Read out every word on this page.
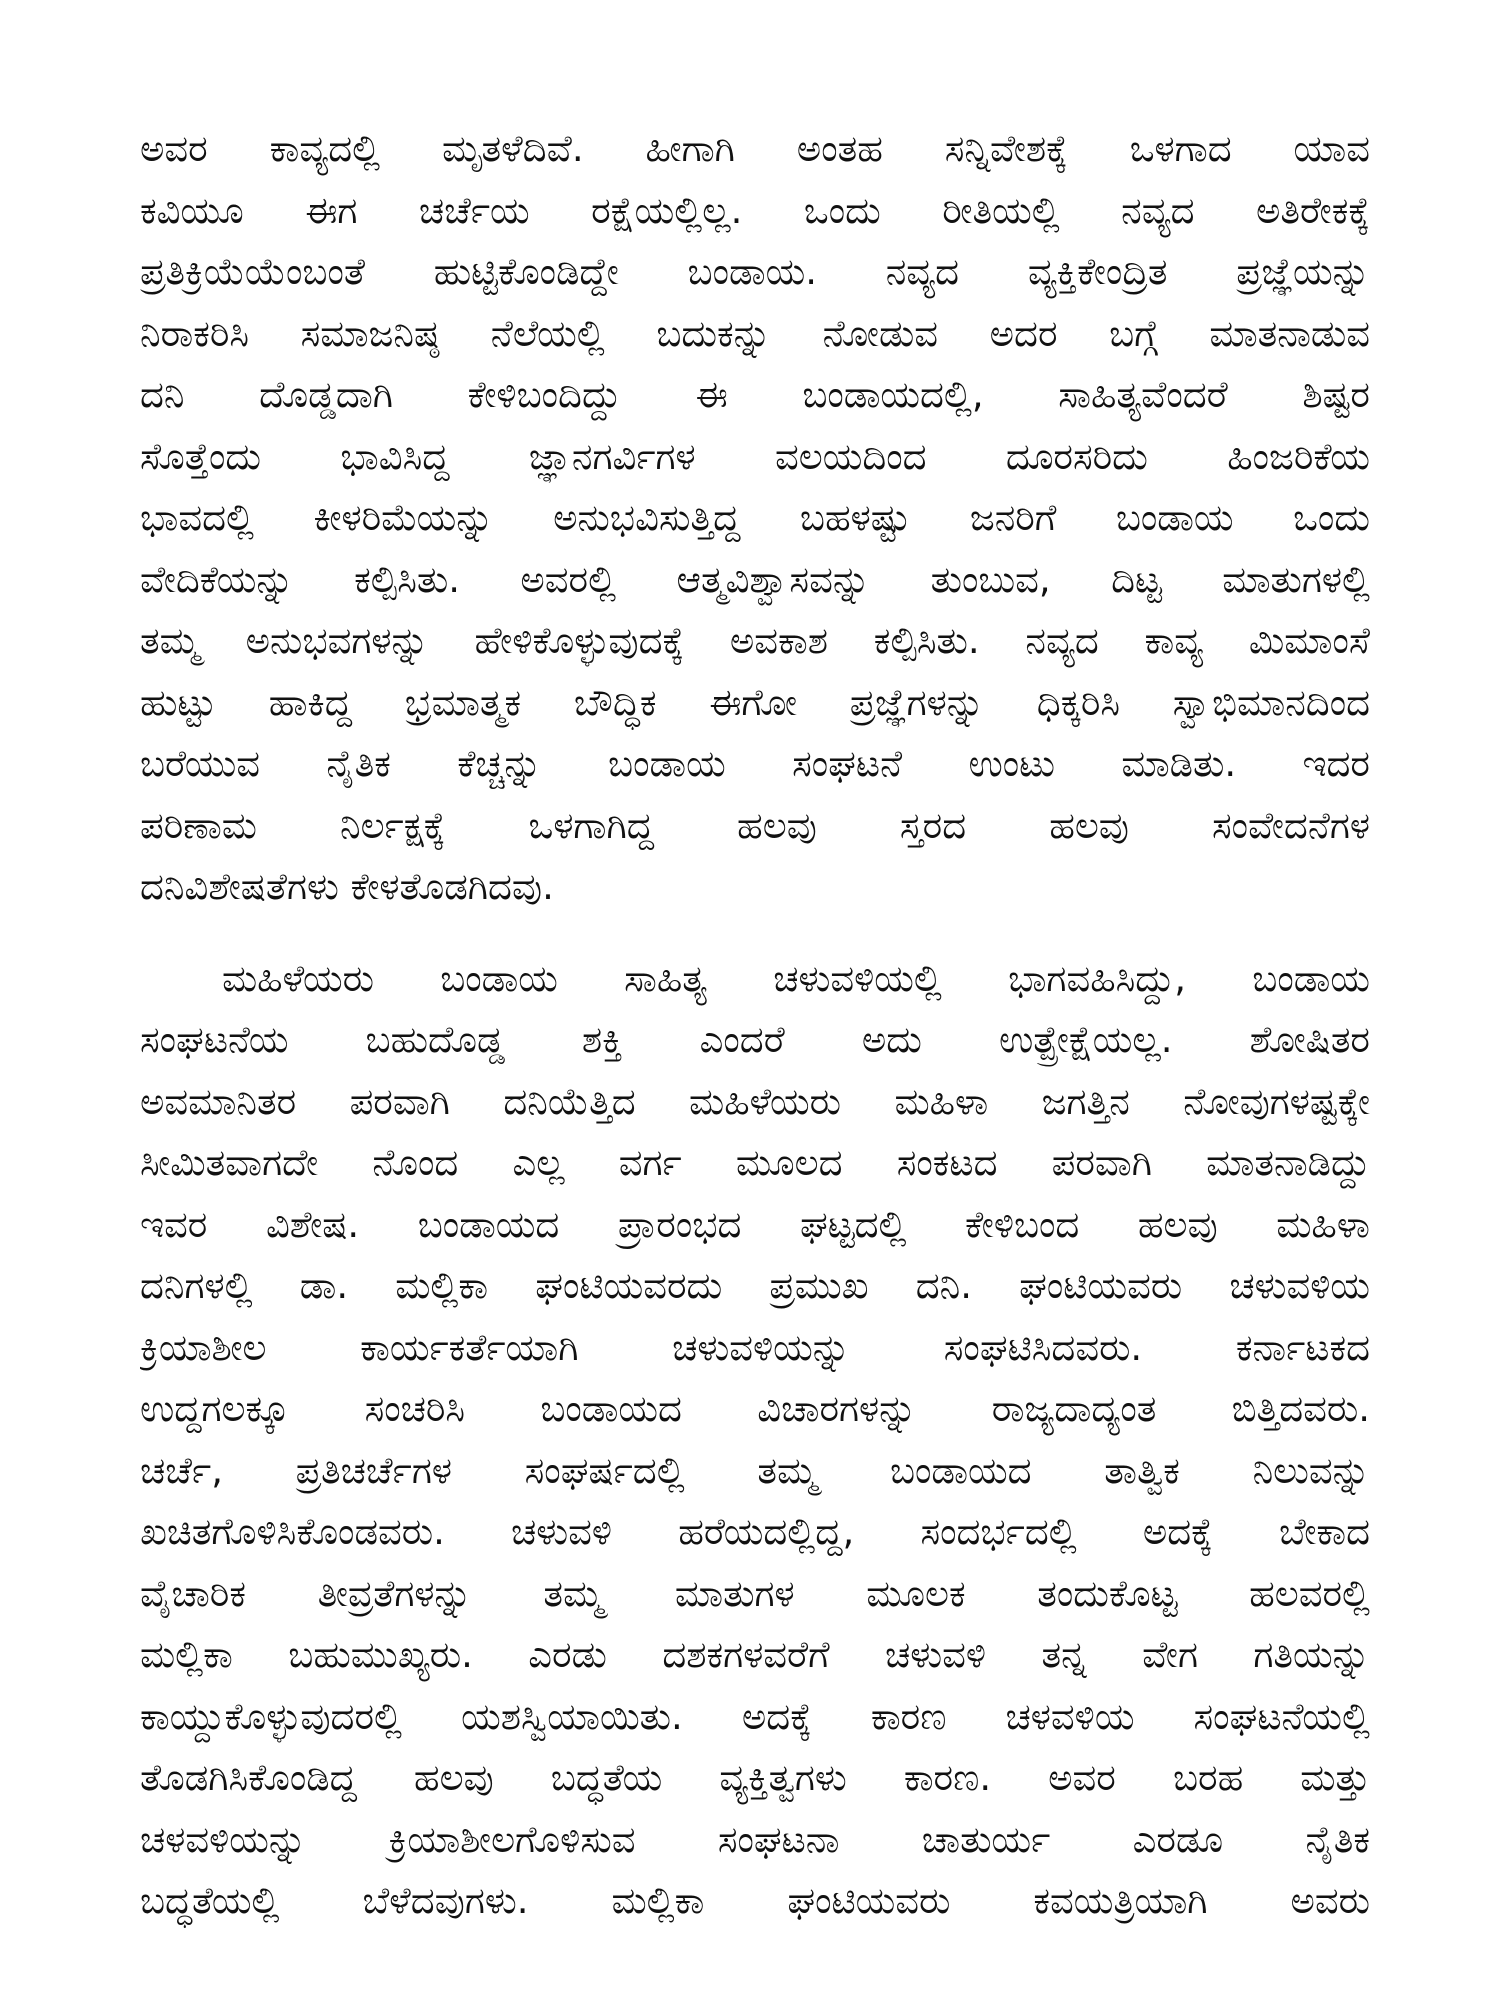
ಅವರ ಕಾವ್ಯದಲ್ಲಿ ಮೃತಳೆದಿವೆ. ಹೀಗಾಗಿ ಅಂತಹ ಸನ್ನಿವೇಶಕ್ಕೆ ಒಳಗಾದ ಯಾವ
ಕವಿಯೂ ಈಗ ಚರ್ಚೆಯ ರಕ್ಷೆಯಲ್ಲಿಲ್ಲ. ಒಂದು ರೀತಿಯಲ್ಲಿ ನವ್ಯದ ಅತಿರೇಕಕ್ಕೆ
ಪ್ರತಿಕ್ರಿಯೆಯೆಂಬಂತೆ ಹುಟ್ಟಿಕೊಂಡಿದ್ದೇ ಬಂಡಾಯ. ನವ್ಯದ ವ್ಯಕ್ತಿಕೇಂದ್ರಿತ ಪ್ರಜ್ಞೆಯನ್ನು
ನಿರಾಕರಿಸಿ ಸಮಾಜನಿಷ್ಠ ನೆಲೆಯಲ್ಲಿ ಬದುಕನ್ನು ನೋಡುವ ಅದರ ಬಗ್ಗೆ ಮಾತನಾಡುವ
ದನಿ ದೊಡ್ಡದಾಗಿ ಕೇಳಿಬಂದಿದ್ದು ಈ ಬಂಡಾಯದಲ್ಲಿ, ಸಾಹಿತ್ಯವೆಂದರೆ ಶಿಷ್ಟರ
ಸೊತ್ತೆಂದು ಭಾವಿಸಿದ್ದ ಜ್ಞಾನಗರ್ವಿಗಳ ವಲಯದಿಂದ ದೂರಸರಿದು ಹಿಂಜರಿಕೆಯ
ಭಾವದಲ್ಲಿ ಕೀಳರಿಮೆಯನ್ನು ಅನುಭವಿಸುತ್ತಿದ್ದ ಬಹಳಷ್ಟು ಜನರಿಗೆ ಬಂಡಾಯ ಒಂದು
ವೇದಿಕೆಯನ್ನು ಕಲ್ಪಿಸಿತು. ಅವರಲ್ಲಿ ಆತ್ಮವಿಶ್ವಾಸವನ್ನು ತುಂಬುವ, ದಿಟ್ಟ ಮಾತುಗಳಲ್ಲಿ
ತಮ್ಮ ಅನುಭವಗಳನ್ನು ಹೇಳಿಕೊಳ್ಳುವುದಕ್ಕೆ ಅವಕಾಶ ಕಲ್ಪಿಸಿತು. ನವ್ಯದ ಕಾವ್ಯ ಮಿಮಾಂಸೆ
ಹುಟ್ಟು ಹಾಕಿದ್ದ ಭ್ರಮಾತ್ಮಕ ಬೌದ್ಧಿಕ ಈಗೋ ಪ್ರಜ್ಞೆಗಳನ್ನು ಧಿಕ್ಕರಿಸಿ ಸ್ವಾಭಿಮಾನದಿಂದ
ಬರೆಯುವ ನೈತಿಕ ಕೆಚ್ಚನ್ನು ಬಂಡಾಯ ಸಂಘಟನೆ ಉಂಟು ಮಾಡಿತು. ಇದರ
ಪರಿಣಾಮ ನಿರ್ಲಕ್ಷಕ್ಕೆ ಒಳಗಾಗಿದ್ದ ಹಲವು ಸ್ತರದ ಹಲವು ಸಂವೇದನೆಗಳ
ದನಿವಿಶೇಷತೆಗಳು ಕೇಳತೊಡಗಿದವು.
ಮಹಿಳೆಯರು ಬಂಡಾಯ ಸಾಹಿತ್ಯ ಚಳುವಳಿಯಲ್ಲಿ ಭಾಗವಹಿಸಿದ್ದು, ಬಂಡಾಯ
ಸಂಘಟನೆಯ ಬಹುದೊಡ್ಡ ಶಕ್ತಿ ಎಂದರೆ ಅದು ಉತ್ಪ್ರೇಕ್ಷೆಯಲ್ಲ. ಶೋಷಿತರ
ಅವಮಾನಿತರ ಪರವಾಗಿ ದನಿಯೆತ್ತಿದ ಮಹಿಳೆಯರು ಮಹಿಳಾ ಜಗತ್ತಿನ ನೋವುಗಳಷ್ಟಕ್ಕೇ
ಸೀಮಿತವಾಗದೇ ನೊಂದ ಎಲ್ಲ ವರ್ಗ ಮೂಲದ ಸಂಕಟದ ಪರವಾಗಿ ಮಾತನಾಡಿದ್ದು
ಇವರ ವಿಶೇಷ. ಬಂಡಾಯದ ಪ್ರಾರಂಭದ ಘಟ್ಟದಲ್ಲಿ ಕೇಳಿಬಂದ ಹಲವು ಮಹಿಳಾ
ದನಿಗಳಲ್ಲಿ ಡಾ. ಮಲ್ಲಿಕಾ ಘಂಟಿಯವರದು ಪ್ರಮುಖ ದನಿ. ಘಂಟಿಯವರು ಚಳುವಳಿಯ
ಕ್ರಿಯಾಶೀಲ ಕಾರ್ಯಕರ್ತೆಯಾಗಿ ಚಳುವಳಿಯನ್ನು ಸಂಘಟಿಸಿದವರು. ಕರ್ನಾಟಕದ
ಉದ್ದಗಲಕ್ಕೂ ಸಂಚರಿಸಿ ಬಂಡಾಯದ ವಿಚಾರಗಳನ್ನು ರಾಜ್ಯದಾದ್ಯಂತ ಬಿತ್ತಿದವರು.
ಚರ್ಚೆ, ಪ್ರತಿಚರ್ಚೆಗಳ ಸಂಘರ್ಷದಲ್ಲಿ ತಮ್ಮ ಬಂಡಾಯದ ತಾತ್ವಿಕ ನಿಲುವನ್ನು
ಖಚಿತಗೊಳಿಸಿಕೊಂಡವರು. ಚಳುವಳಿ ಹರೆಯದಲ್ಲಿದ್ದ, ಸಂದರ್ಭದಲ್ಲಿ ಅದಕ್ಕೆ ಬೇಕಾದ
ವೈಚಾರಿಕ ತೀವ್ರತೆಗಳನ್ನು ತಮ್ಮ ಮಾತುಗಳ ಮೂಲಕ ತಂದುಕೊಟ್ಟ ಹಲವರಲ್ಲಿ
ಮಲ್ಲಿಕಾ ಬಹುಮುಖ್ಯರು. ಎರಡು ದಶಕಗಳವರೆಗೆ ಚಳುವಳಿ ತನ್ನ ವೇಗ ಗತಿಯನ್ನು
ಕಾಯ್ದುಕೊಳ್ಳುವುದರಲ್ಲಿ ಯಶಸ್ವಿಯಾಯಿತು. ಅದಕ್ಕೆ ಕಾರಣ ಚಳವಳಿಯ ಸಂಘಟನೆಯಲ್ಲಿ
ತೊಡಗಿಸಿಕೊಂಡಿದ್ದ ಹಲವು ಬದ್ಧತೆಯ ವ್ಯಕ್ತಿತ್ವಗಳು ಕಾರಣ. ಅವರ ಬರಹ ಮತ್ತು
ಚಳವಳಿಯನ್ನು ಕ್ರಿಯಾಶೀಲಗೊಳಿಸುವ ಸಂಘಟನಾ ಚಾತುರ್ಯ ಎರಡೂ ನೈತಿಕ
ಬದ್ಧತೆಯಲ್ಲಿ ಬೆಳೆದವುಗಳು. ಮಲ್ಲಿಕಾ ಘಂಟಿಯವರು ಕವಯತ್ರಿಯಾಗಿ ಅವರು
